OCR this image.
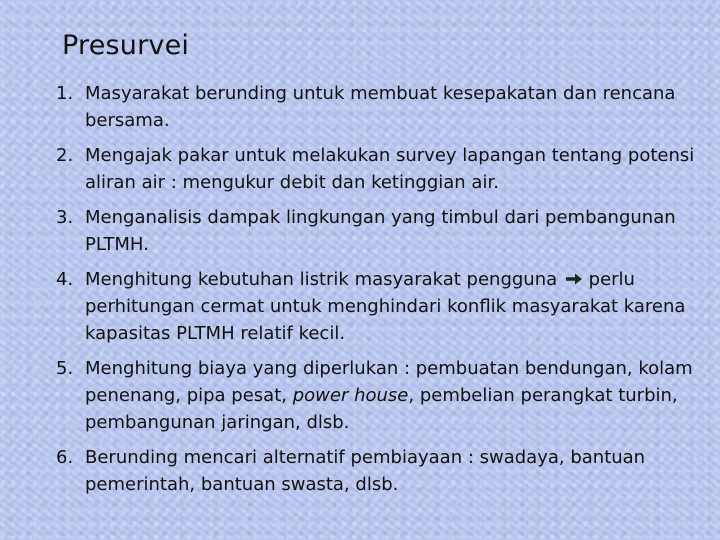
Presurvei
1. Masyarakat berunding untuk membuat kesepakatan dan rencana bersama.
2. Mengajak pakar untuk melakukan survey lapangan tentang potensi aliran air : mengukur debit dan ketinggian air.
3. Menganalisis dampak lingkungan yang timbul dari pembangunan PLTMH.
4. Menghitung kebutuhan listrik masyarakat pengguna perlu perhitungan cermat untuk menghindari konflik masyarakat karena kapasitas PLTMH relatif kecil.
5. Menghitung biaya yang diperlukan : pembuatan bendungan, kolam penenang, pipa pesat, power house, pembelian perangkat turbin, pembangunan jaringan, dlsb.
6. Berunding mencari alternatif pembiayaan : swadaya, bantuan pemerintah, bantuan swasta, dlsb.
